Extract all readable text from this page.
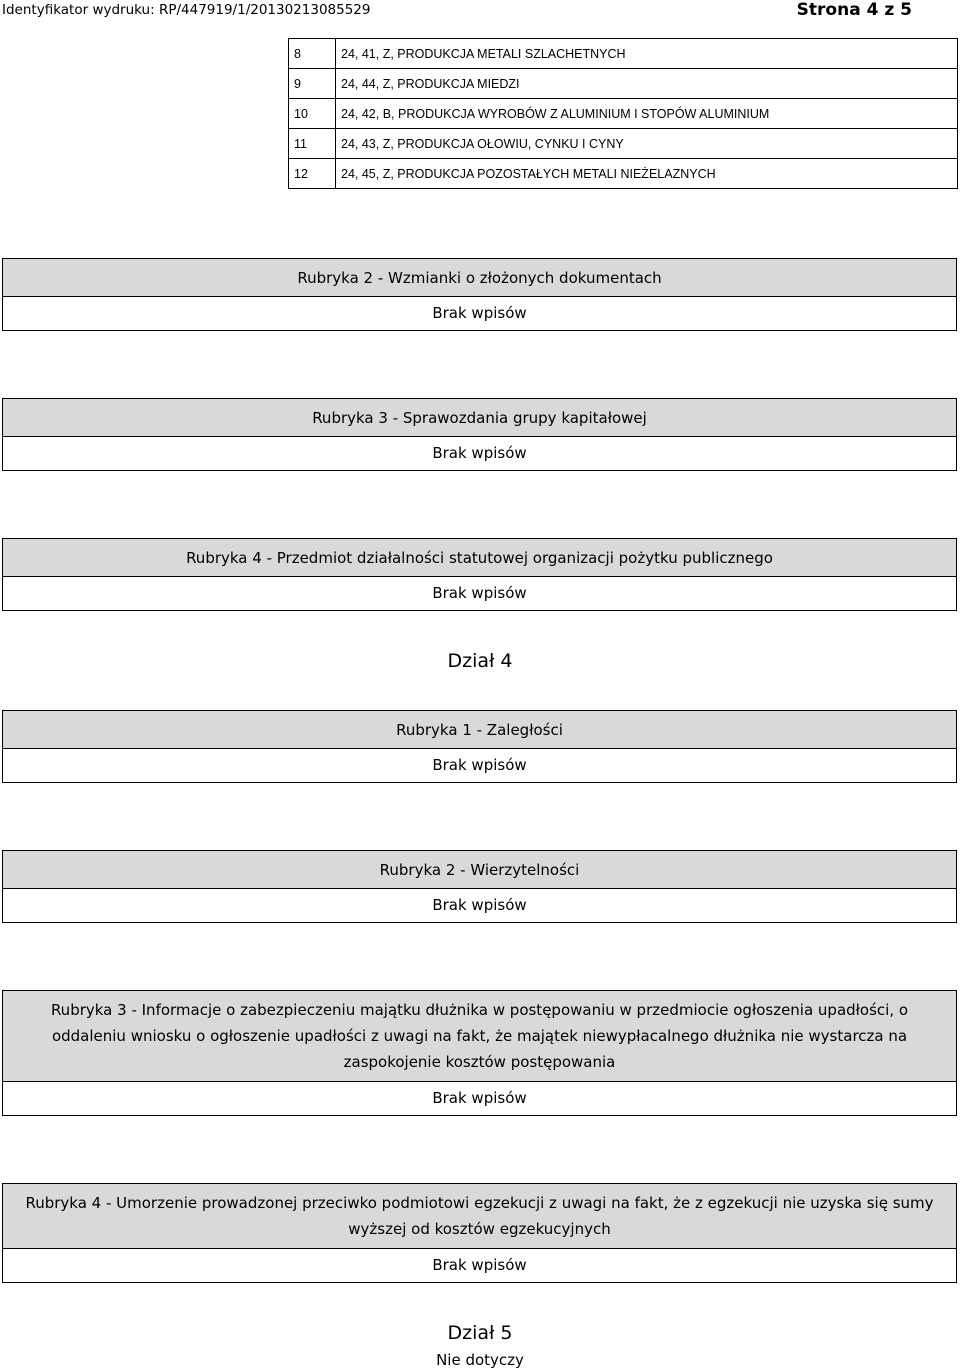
Identyfikator wydruku: RP/447919/1/20130213085529	Strona 4 z 5
8	24, 41, Z, PRODUKCJA METALI SZLACHETNYCH
9	24, 44, Z, PRODUKCJA MIEDZI
10	24, 42, B, PRODUKCJA WYROBÓW Z ALUMINIUM I STOPÓW ALUMINIUM
11	24, 43, Z, PRODUKCJA OŁOWIU, CYNKU I CYNY
12	24, 45, Z, PRODUKCJA POZOSTAŁYCH METALI NIEŻELAZNYCH
Rubryka 2 - Wzmianki o złożonych dokumentach
Brak wpisów
Rubryka 3 - Sprawozdania grupy kapitałowej
Brak wpisów
Rubryka 4 - Przedmiot działalności statutowej organizacji pożytku publicznego
Brak wpisów
Dział 4
Rubryka 1 - Zaległości
Brak wpisów
Rubryka 2 - Wierzytelności
Brak wpisów
Rubryka 3 - Informacje o zabezpieczeniu majątku dłużnika w postępowaniu w przedmiocie ogłoszenia upadłości, o oddaleniu wniosku o ogłoszenie upadłości z uwagi na fakt, że majątek niewypłacalnego dłużnika nie wystarcza na zaspokojenie kosztów postępowania
Brak wpisów
Rubryka 4 - Umorzenie prowadzonej przeciwko podmiotowi egzekucji z uwagi na fakt, że z egzekucji nie uzyska się sumy wyższej od kosztów egzekucyjnych
Brak wpisów
Dział 5
Nie dotyczy
